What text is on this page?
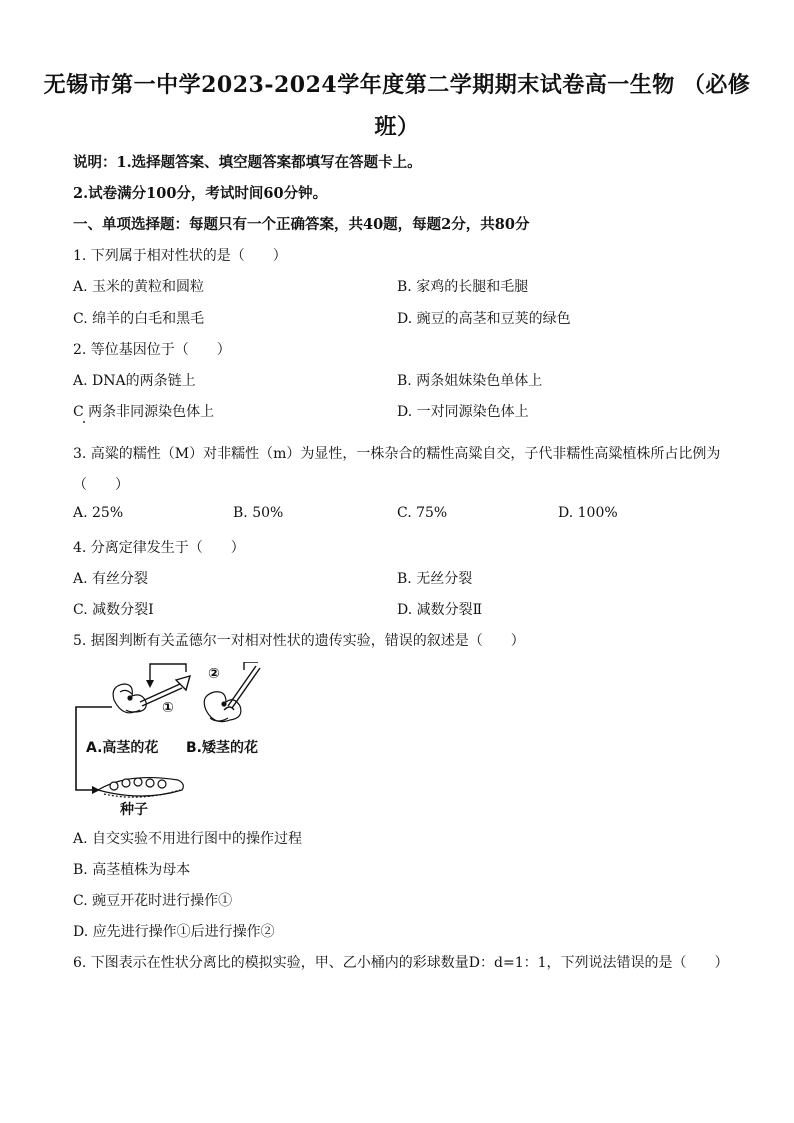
无锡市第一中学2023-2024学年度第二学期期末试卷高一生物 （必修
班）
说明：1.选择题答案、填空题答案都填写在答题卡上。
2.试卷满分100分，考试时间60分钟。
一、单项选择题：每题只有一个正确答案，共40题，每题2分，共80分
1. 下列属于相对性状的是（　　）
A. 玉米的黄粒和圆粒	B. 家鸡的长腿和毛腿
C. 绵羊的白毛和黑毛	D. 豌豆的高茎和豆荚的绿色
2. 等位基因位于（　　）
A. DNA的两条链上	B. 两条姐妹染色单体上
C 两条非同源染色体上	D. 一对同源染色体上
3. 高粱的糯性（M）对非糯性（m）为显性，一株杂合的糯性高粱自交，子代非糯性高粱植株所占比例为
（　　）
A. 25%	B. 50%	C. 75%	D. 100%
4. 分离定律发生于（　　）
A. 有丝分裂	B. 无丝分裂
C. 减数分裂Ⅰ	D. 减数分裂Ⅱ
5. 据图判断有关孟德尔一对相对性状的遗传实验，错误的叙述是（　　）
①
②
A.高茎的花 B.矮茎的花
种子
A. 自交实验不用进行图中的操作过程
B. 高茎植株为母本
C. 豌豆开花时进行操作①
D. 应先进行操作①后进行操作②
6. 下图表示在性状分离比的模拟实验，甲、乙小桶内的彩球数量D：d=1：1，下列说法错误的是（　　）
